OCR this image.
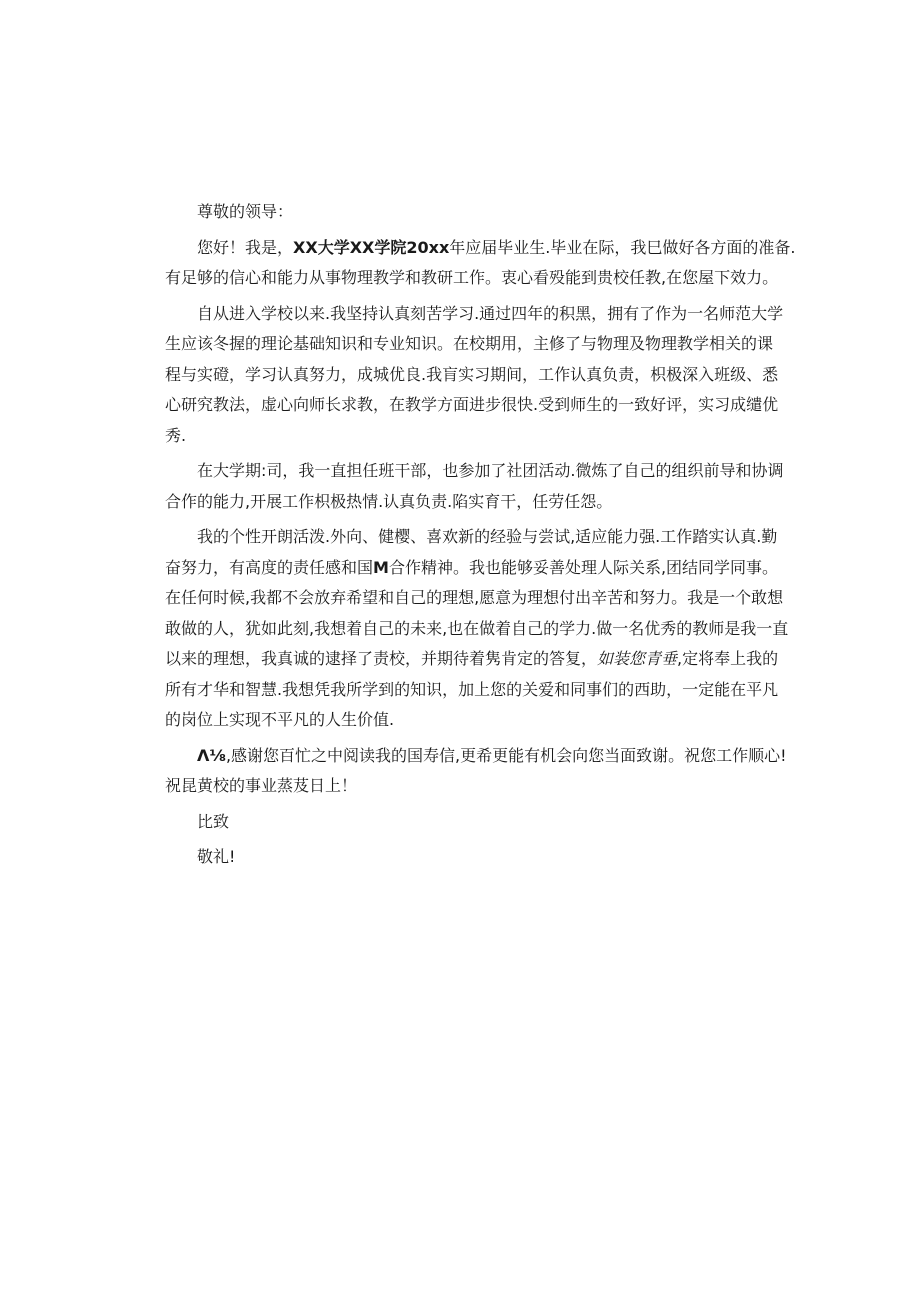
尊敬的领导：
您好！我是，XX大学XX学院20xx年应届毕业生.毕业在际，我巳做好各方面的准备.
有足够的信心和能力从事物理教学和教研工作。衷心看殁能到贵校任教,在您屋下效力。
自从进入学校以来.我坚持认真刻苦学习.通过四年的积黑，拥有了作为一名师范大学
生应该冬握的理论基础知识和专业知识。在校期用，主修了与物理及物理教学相关的课
程与实磴，学习认真努力，成城优良.我肓实习期间，工作认真负责，枳极深入班级、悉
心研究教法，虚心向师长求教，在教学方面进步很快.受到师生的一致好评，实习成缱优
秀.
在大学期:司，我一直担任班干部，也参加了社团活动.微炼了自己的组织前导和协调
合作的能力,开展工作枳极热情.认真负责.陷实育干，任劳任怨。
我的个性开朗活泼.外向、健樱、喜欢新的经验与尝试,适应能力强.工作踏实认真.勤
奋努力，有高度的责任感和国M合作精神。我也能够妥善处理人际关系,团结同学同事。
在任何时候,我都不会放弃希望和自己的理想,愿意为理想付出辛苦和努力。我是一个敢想
敢做的人，犹如此刻,我想着自己的未来,也在做着自己的学力.做一名优秀的教师是我一直
以来的理想，我真诚的逮择了责校，并期待着隽肯定的答复，如装您青垂,定将奉上我的
所有才华和智慧.我想凭我所学到的知识，加上您的关爱和同事们的西助，一定能在平凡
的岗位上实现不平凡的人生价值.
Λ⅛,感谢您百忙之中阅读我的国寿信,更希更能有机会向您当面致谢。祝您工作顺心!
祝昆黄校的事业蒸芨日上！
比致
敬礼!
